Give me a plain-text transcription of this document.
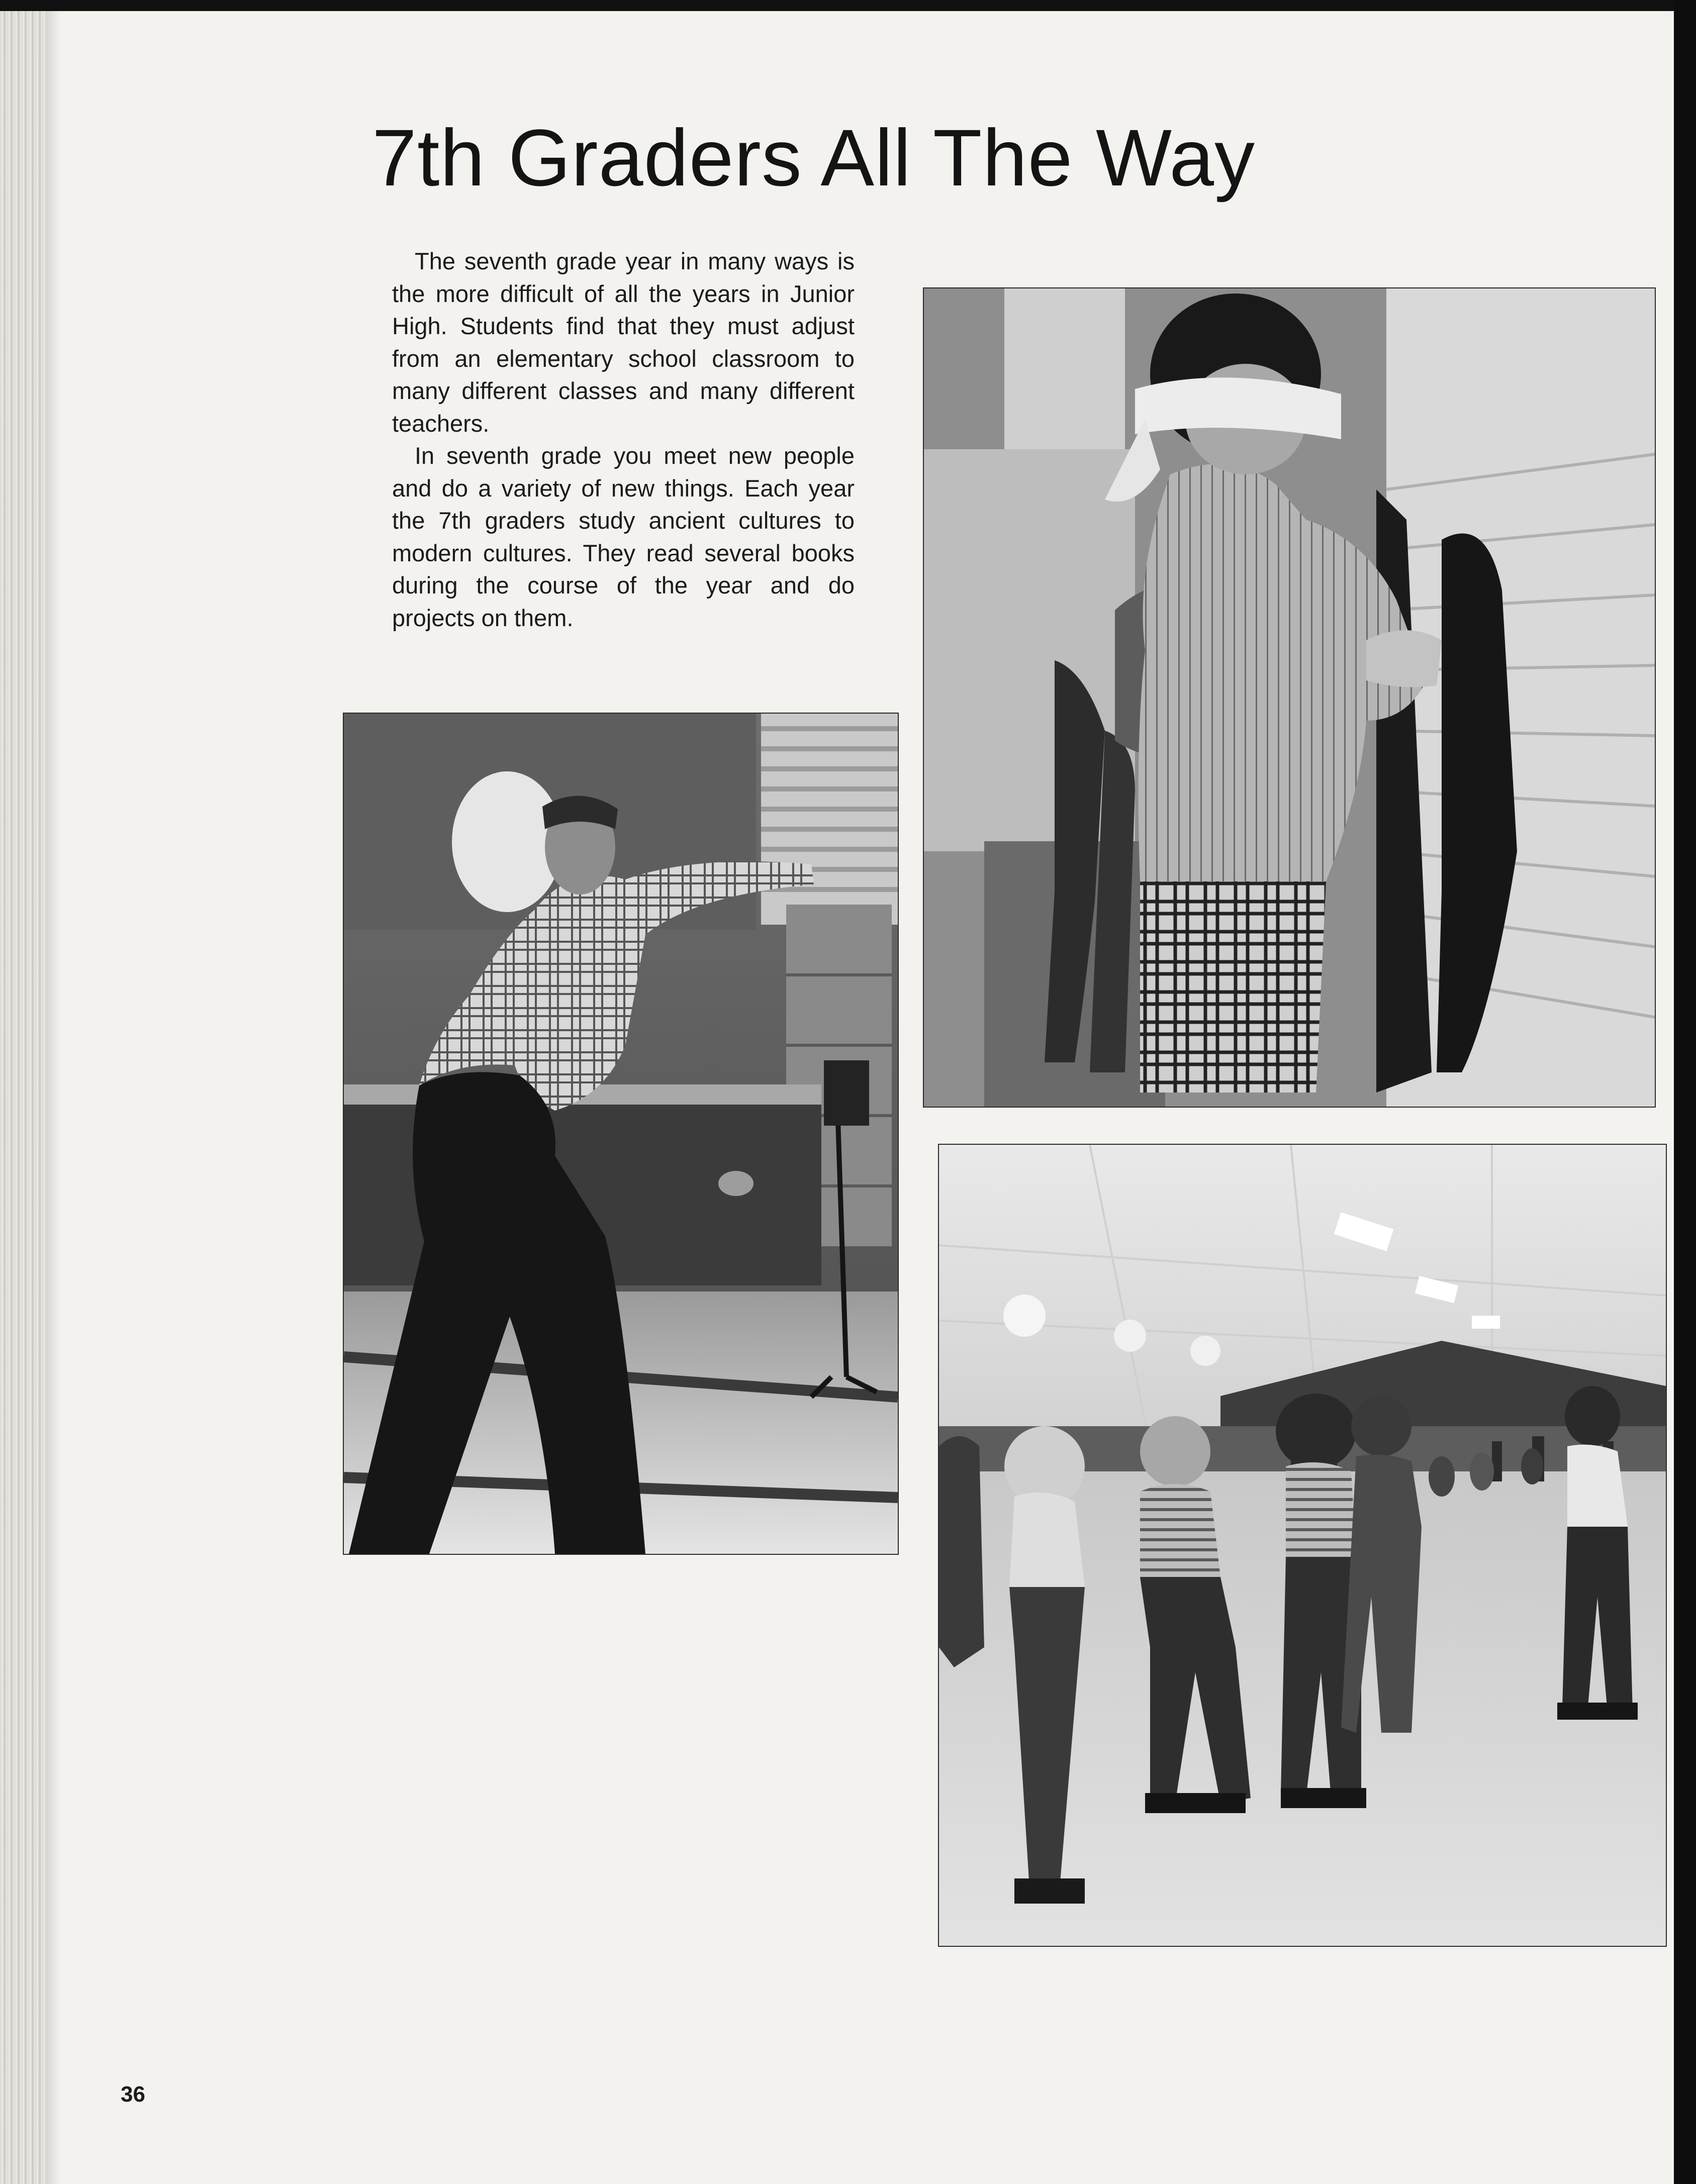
7th Graders All The Way

The seventh grade year in many ways is the more difficult of all the years in Junior High. Students find that they must adjust from an elementary school classroom to many different classes and many different teachers.

In seventh grade you meet new people and do a variety of new things. Each year the 7th graders study ancient cultures to modern cultures. They read several books during the course of the year and do projects on them.

36
